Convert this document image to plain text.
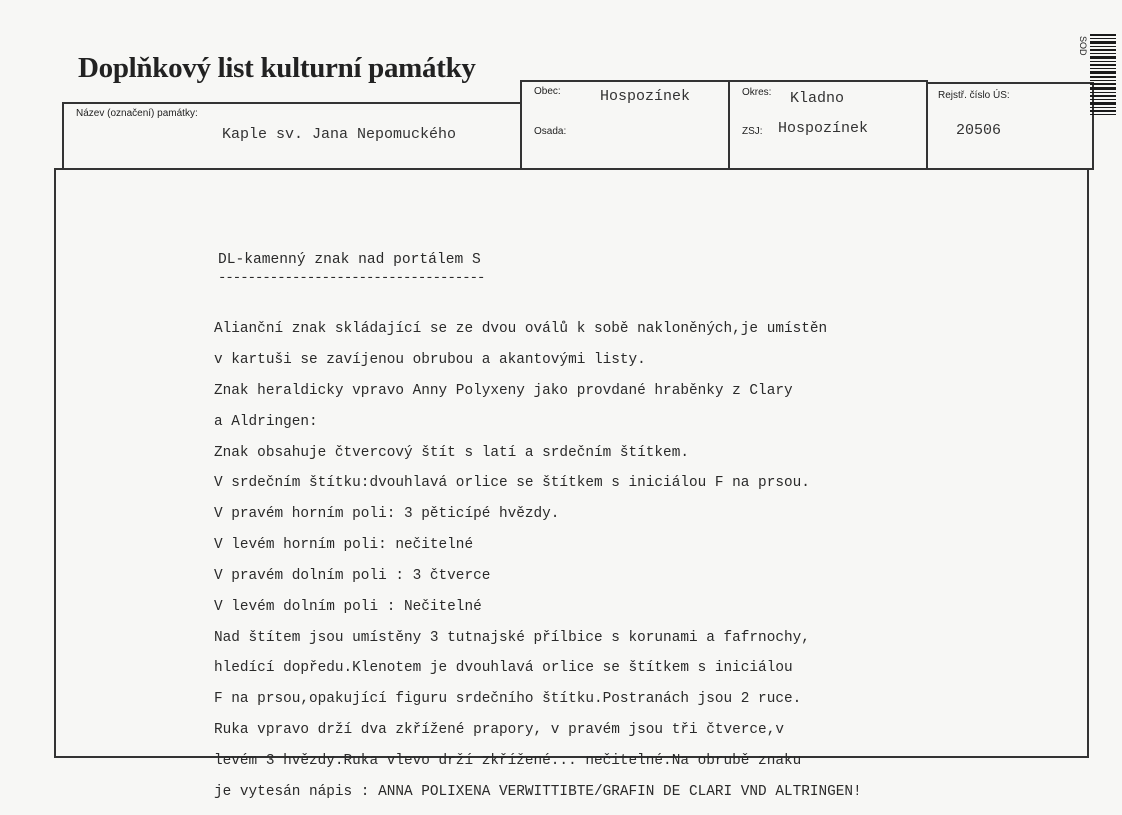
Doplňkový list kulturní památky
Název (označení) památky:
Kaple sv. Jana Nepomuckého
Obec:	Hospozínek
Osada:
Okres: Kladno
ZSJ: Hospozínek
Rejstř. číslo ÚS:
20506
DL-kamenný znak nad portálem S
------------------------------------

Alianční znak skládající se ze dvou oválů k sobě nakloněných,je umístěn

v kartuši se zavíjenou obrubou a akantovými listy.

Znak heraldicky vpravo Anny Polyxeny jako provdané hraběnky z Clary

a Aldringen:

Znak obsahuje čtvercový štít s latí a srdečním štítkem.

V srdečním štítku:dvouhlavá orlice se štítkem s iniciálou F na prsou.

V pravém horním poli: 3 pěticípé hvězdy.

V levém horním poli: nečitelné

V pravém dolním poli : 3 čtverce

V levém dolním poli : Nečitelné

Nad štítem jsou umístěny 3 tutnajské přílbice s korunami a fafrnochy,

hledící dopředu.Klenotem je dvouhlavá orlice se štítkem s iniciálou

F na prsou,opakující figuru srdečního štítku.Postranách jsou 2 ruce.

Ruka vpravo drží dva zkřížené prapory, v pravém jsou tři čtverce,v

levém 3 hvězdy.Ruka vlevo drží zkřížené... nečitelné.Na obrubě znaku

je vytesán nápis : ANNA POLIXENA VERWITTIBTE/GRAFIN DE CLARI VND ALTRINGEN!

SOD
